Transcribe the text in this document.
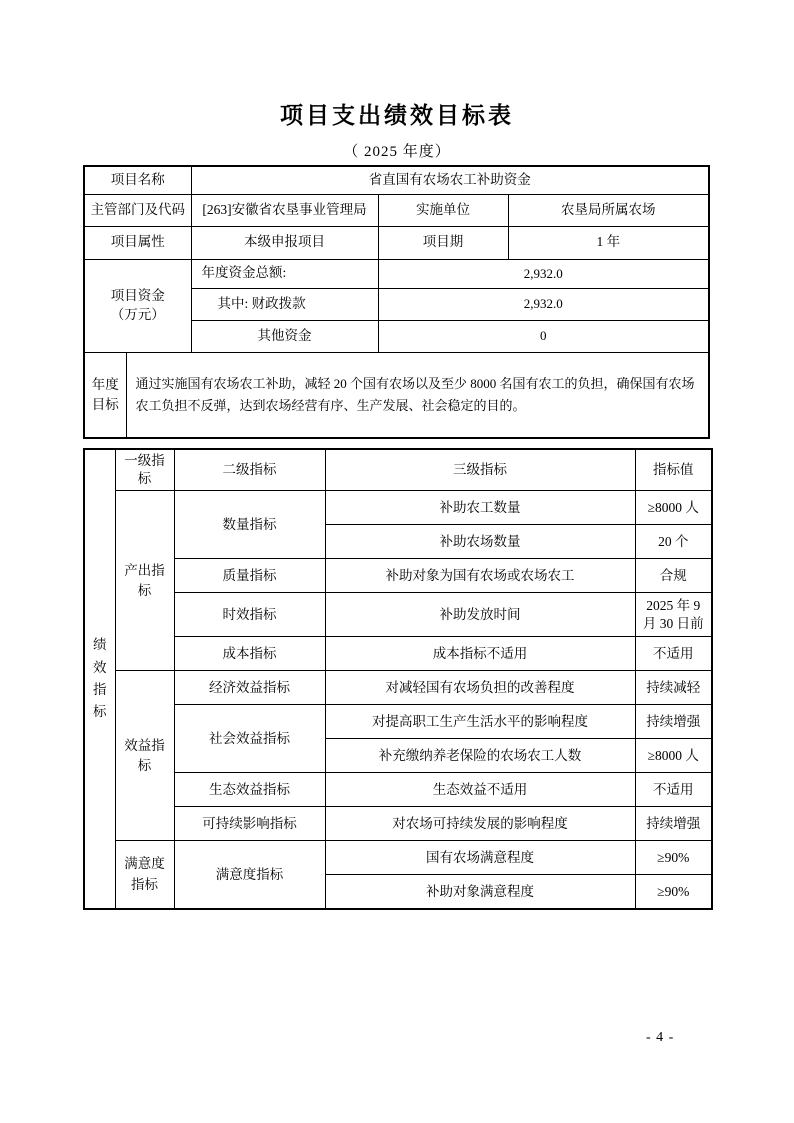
项目支出绩效目标表
（ 2025 年度）
项目名称		省直国有农场农工补助资金		
主管部门及代码		[263]安徽省农垦事业管理局	实施单位	农垦局所属农场
项目属性		本级申报项目	项目期	1 年

项目资金
（万元）		年度资金总额:	2,932.0	
		其中: 财政拨款	2,932.0	
		其他资金	0	
年度目标	通过实施国有农场农工补助，减轻 20 个国有农场以及至少 8000 名国有农工的负担，确保国有农场农工负担不反弹，达到农场经营有序、生产发展、社会稳定的目的。			
绩效指标	一级指标	二级指标	三级指标	指标值
	产出指标	数量指标	补助农工数量	≥8000 人
			补助农场数量	20 个
		质量指标	补助对象为国有农场或农场农工	合规
		时效指标	补助发放时间	2025 年 9 月 30 日前
		成本指标	成本指标不适用	不适用
	效益指标	经济效益指标	对减轻国有农场负担的改善程度	持续减轻
		社会效益指标	对提高职工生产生活水平的影响程度	持续增强
			补充缴纳养老保险的农场农工人数	≥8000 人
		生态效益指标	生态效益不适用	不适用
		可持续影响指标	对农场可持续发展的影响程度	持续增强
	满意度指标	满意度指标	国有农场满意程度	≥90%
			补助对象满意程度	≥90%
- 4 -
